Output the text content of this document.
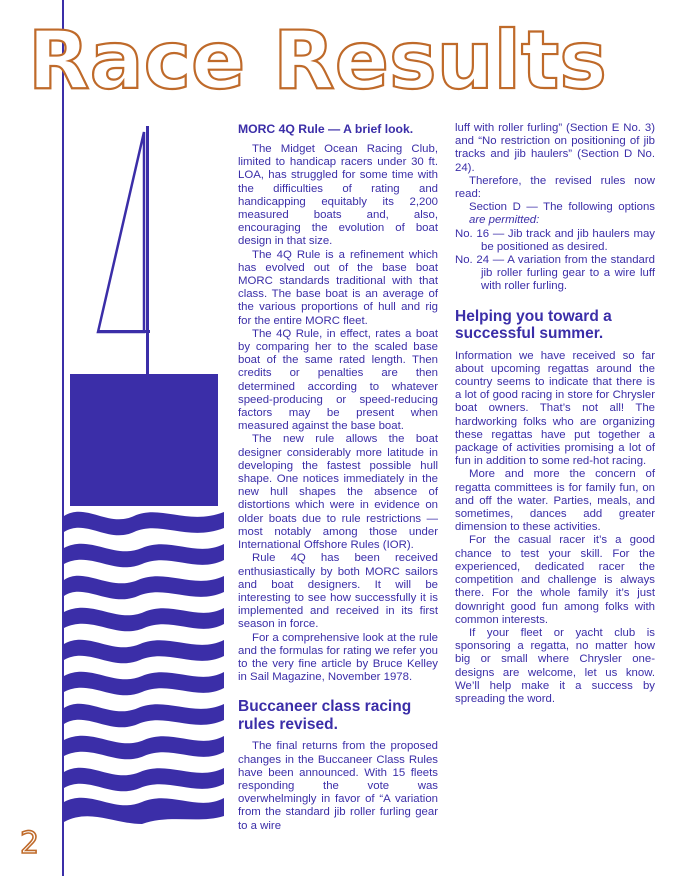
Race Results
2
MORC 4Q Rule — A brief look.

The Midget Ocean Racing Club, limited to handicap racers under 30 ft. LOA, has struggled for some time with the difficulties of rating and handicapping equitably its 2,200 measured boats and, also, encouraging the evolution of boat design in that size.

The 4Q Rule is a refinement which has evolved out of the base boat MORC standards traditional with that class. The base boat is an average of the various proportions of hull and rig for the entire MORC fleet.

The 4Q Rule, in effect, rates a boat by comparing her to the scaled base boat of the same rated length. Then credits or penalties are then determined according to whatever speed-producing or speed-reducing factors may be present when measured against the base boat.

The new rule allows the boat designer considerably more latitude in developing the fastest possible hull shape. One notices immediately in the new hull shapes the absence of distortions which were in evidence on older boats due to rule restrictions — most notably among those under International Offshore Rules (IOR).

Rule 4Q has been received enthusiastically by both MORC sailors and boat designers. It will be interesting to see how successfully it is implemented and received in its first season in force.

For a comprehensive look at the rule and the formulas for rating we refer you to the very fine article by Bruce Kelley in Sail Magazine, November 1978.

Buccaneer class racing rules revised.

The final returns from the proposed changes in the Buccaneer Class Rules have been announced. With 15 fleets responding the vote was overwhelmingly in favor of “A variation from the standard jib roller furling gear to a wire

luff with roller furling” (Section E No. 3) and “No restriction on positioning of jib tracks and jib haulers” (Section D No. 24).

Therefore, the revised rules now read:

Section D — The following options are permitted:

No. 16 — Jib track and jib haulers may be positioned as desired.

No. 24 — A variation from the standard jib roller furling gear to a wire luff with roller furling.

Helping you toward a successful summer.

Information we have received so far about upcoming regattas around the country seems to indicate that there is a lot of good racing in store for Chrysler boat owners. That’s not all! The hardworking folks who are organizing these regattas have put together a package of activities promising a lot of fun in addition to some red-hot racing.

More and more the concern of regatta committees is for family fun, on and off the water. Parties, meals, and sometimes, dances add greater dimension to these activities.

For the casual racer it’s a good chance to test your skill. For the experienced, dedicated racer the competition and challenge is always there. For the whole family it’s just downright good fun among folks with common interests.

If your fleet or yacht club is sponsoring a regatta, no matter how big or small where Chrysler one-designs are welcome, let us know. We’ll help make it a success by spreading the word.
